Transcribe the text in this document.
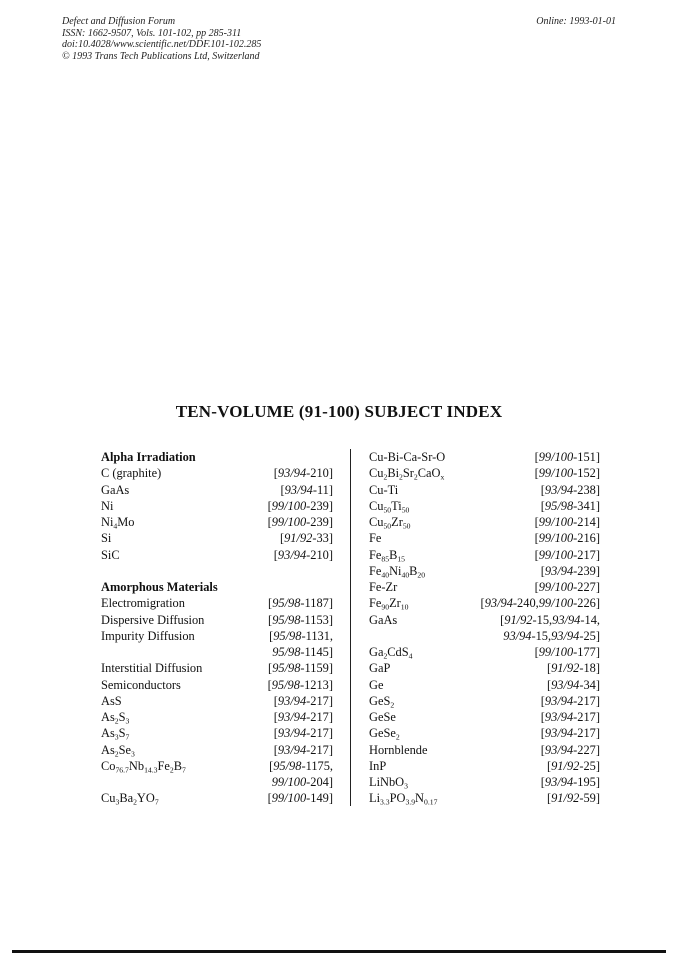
Defect and Diffusion Forum
ISSN: 1662-9507, Vols. 101-102, pp 285-311
doi:10.4028/www.scientific.net/DDF.101-102.285
© 1993 Trans Tech Publications Ltd, Switzerland
Online: 1993-01-01
TEN-VOLUME (91-100) SUBJECT INDEX
Alpha Irradiation
C (graphite)	[93/94-210]
GaAs	[93/94-11]
Ni	[99/100-239]
$Ni_4Mo$	[99/100-239]
Si	[91/92-33]
SiC	[93/94-210]
Amorphous Materials
Electromigration	[95/98-1187]
Dispersive Diffusion	[95/98-1153]
Impurity Diffusion	[95/98-1131,
95/98-1145]
Interstitial Diffusion	[95/98-1159]
Semiconductors	[95/98-1213]
AsS	[93/94-217]
$As_2S_3$	[93/94-217]
$As_3S_7$	[93/94-217]
$As_2Se_3$	[93/94-217]
$Co_{76.7}Nb_{14.3}Fe_2B_7$	[95/98-1175,
99/100-204]
$Cu_3Ba_2YO_7$	[99/100-149]
Cu-Bi-Ca-Sr-O	[99/100-151]
$Cu_2Bi_2Sr_2CaO_x$	[99/100-152]
Cu-Ti	[93/94-238]
$Cu_{50}Ti_{50}$	[95/98-341]
$Cu_{50}Zr_{50}$	[99/100-214]
Fe	[99/100-216]
$Fe_{85}B_{15}$	[99/100-217]
$Fe_{40}Ni_{40}B_{20}$	[93/94-239]
Fe-Zr	[99/100-227]
$Fe_{90}Zr_{10}$	[93/94-240,99/100-226]
GaAs	[91/92-15,93/94-14,
93/94-15,93/94-25]
$Ga_2CdS_4$	[99/100-177]
GaP	[91/92-18]
Ge	[93/94-34]
GeS$_2$	[93/94-217]
GeSe	[93/94-217]
GeSe$_2$	[93/94-217]
Hornblende	[93/94-227]
InP	[91/92-25]
LiNbO$_3$	[93/94-195]
$Li_{3.3}PO_{3.9}N_{0.17}$	[91/92-59]
